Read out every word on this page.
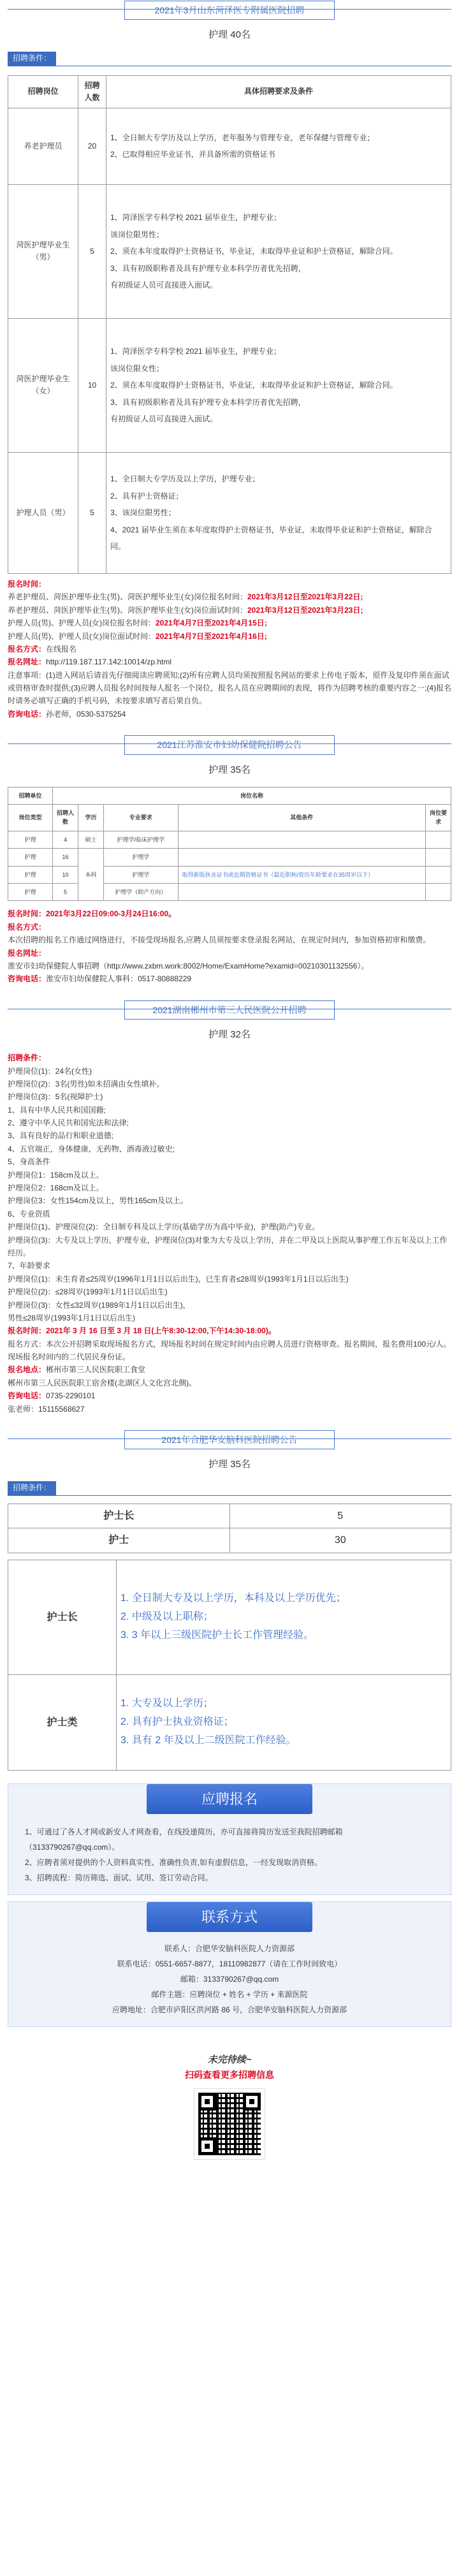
2021年3月山东菏泽医专附属医院招聘
护理 40名
招聘条件：
招聘岗位	招聘人数	具体招聘要求及条件
养老护理员	20	1、全日制大专学历及以上学历，老年服务与管理专业，老年保健与管理专业；

2、已取得相应毕业证书，并具备所需的资格证书

菏医护理毕业生（男）	5	1、菏泽医学专科学校 2021 届毕业生，护理专业；

该岗位限男性；

2、须在本年度取得护士资格证书，毕业证，未取得毕业证和护士资格证，解除合同。

3、具有初级职称者及具有护理专业本科学历者优先招聘，

有初级证人员可直接进入面试。

菏医护理毕业生（女）	10	1、菏泽医学专科学校 2021 届毕业生，护理专业；

该岗位限女性；

2、须在本年度取得护士资格证书，毕业证，未取得毕业证和护士资格证，解除合同。

3、具有初级职称者及具有护理专业本科学历者优先招聘，

有初级证人员可直接进入面试。

护理人员（男）	5	1、全日制大专学历及以上学历，护理专业；

2、具有护士资格证；

3、该岗位限男性；

4、2021 届毕业生须在本年度取得护士资格证书，毕业证，未取得毕业证和护士资格证，解除合同。

报名时间：

养老护理员、菏医护理毕业生(男)、菏医护理毕业生(女)岗位报名时间：2021年3月12日至2021年3月22日;

养老护理员、菏医护理毕业生(男)、菏医护理毕业生(女)岗位面试时间：2021年3月12日至2021年3月23日;

护理人员(男)、护理人员(女)岗位报名时间：2021年4月7日至2021年4月15日;

护理人员(男)、护理人员(女)岗位面试时间：2021年4月7日至2021年4月16日;

报名方式：在线报名

报名网址：http://119.187.117.142:10014/zp.html

注意事项：(1)进入网站后请首先仔细阅读应聘须知;(2)所有应聘人员均须按照报名网站的要求上传电子版本，原件及复印件须在面试或资格审查时提供;(3)应聘人员报名时间按每人报名一个岗位，报名人员在应聘期间的表现，将作为招聘考核的重要内容之一;(4)报名时请务必填写正确的手机号码，未按要求填写者后果自负。

咨询电话：孙老师，0530-5375254

2021江苏淮安市妇幼保健院招聘公告
护理 35名
招聘单位	岗位名称				
岗位类型	招聘人数	学历	专业要求	其他条件	岗位要求
护理	4	硕士	护理学/临床护理学		
护理	16	本科	护理学		
护理	10		护理学	取得新版执业证书或近期资格证书（最近职称/资历年龄要求在35周岁以下）	
护理	5		护理学（助产方向）		

报名时间：2021年3月22日09:00-3月24日16:00。

报名方式：

本次招聘的报名工作通过网络进行，不接受现场报名,应聘人员须按要求登录报名网站，在规定时间内，参加资格初审和缴费。

报名网址：

淮安市妇幼保健院人事招聘（http://www.zxbm.work:8002/Home/ExamHome?examid=00210301132556）。

咨询电话：淮安市妇幼保健院人事科：0517-80888229

2021湖南郴州市第三人民医院公开招聘
护理 32名

招聘条件：

护理岗位(1)：24名(女性)

护理岗位(2)：3名(男性)如未招满由女性填补。

护理岗位(3)：5名(视障护士)

1、具有中华人民共和国国籍;

2、遵守中华人民共和国宪法和法律;

3、具有良好的品行和职业道德;

4、五官端正，身体健康，无药物、酒毒液过敏史;

5、身高条件

护理岗位1：158cm及以上。

护理岗位2：168cm及以上。

护理岗位3：女性154cm及以上，男性165cm及以上。

6、专业资质

护理岗位(1)、护理岗位(2)：全日制专科及以上学历(基础学历为高中毕业)，护理(助产)专业。

护理岗位(3)：大专及以上学历，护理专业，护理岗位(3)对象为大专及以上学历，并在二甲及以上医院从事护理工作五年及以上工作经历。

7、年龄要求

护理岗位(1)：未生育者≤25周岁(1996年1月1日以后出生)，已生育者≤28周岁(1993年1月1日以后出生)

护理岗位(2)：≤28周岁(1993年1月1日以后出生)

护理岗位(3)：女性≤32周岁(1989年1月1日以后出生)，

男性≤28周岁(1993年1月1日以后出生)

报名时间：2021年 3 月 16 日至 3 月 18 日(上午8:30-12:00,下午14:30-18:00)。

报名方式：本次公开招聘采取现场报名方式，现场报名时间在规定时间内由应聘人员进行资格审查。报名期间，报名费用100元/人。现场报名时间内的二代居民身份证。

报名地点：郴州市第三人民医院职工食堂

郴州市第三人民医院职工宿舍楼(北湖区人文化宫北侧)。

咨询电话：0735-2290101

张老师：15115568627

2021年合肥华安脑科医院招聘公告
护理 35名
招聘条件：
护士长	5
护士	30
护士长	1. 全日制大专及以上学历，本科及以上学历优先；

2. 中级及以上职称；

3. 3 年以上三级医院护士长工作管理经验。

护士类	1. 大专及以上学历；

2. 具有护士执业资格证；

3. 具有 2 年及以上二级医院工作经验。

应聘报名

1、可通过了各人才网或新安人才网查看，在线投递简历，亦可直接将简历发送至我院招聘邮箱（3133790267@qq.com）。

2、应聘者须对提供的个人资料真实性、准确性负责,如有虚假信息，一经发现取消资格。

3、招聘流程：简历筛选、面试、试用、签订劳动合同。

联系方式

联系人：合肥华安脑科医院人力资源部

联系电话：0551-6657-8877，18110982877（请在工作时间致电）

邮箱：3133790267@qq.com

邮件主题：应聘岗位 + 姓名 + 学历 + 来源医院

应聘地址：合肥市庐阳区洪河路 86 号，合肥华安脑科医院人力资源部

未完待续~
扫码查看更多招聘信息
